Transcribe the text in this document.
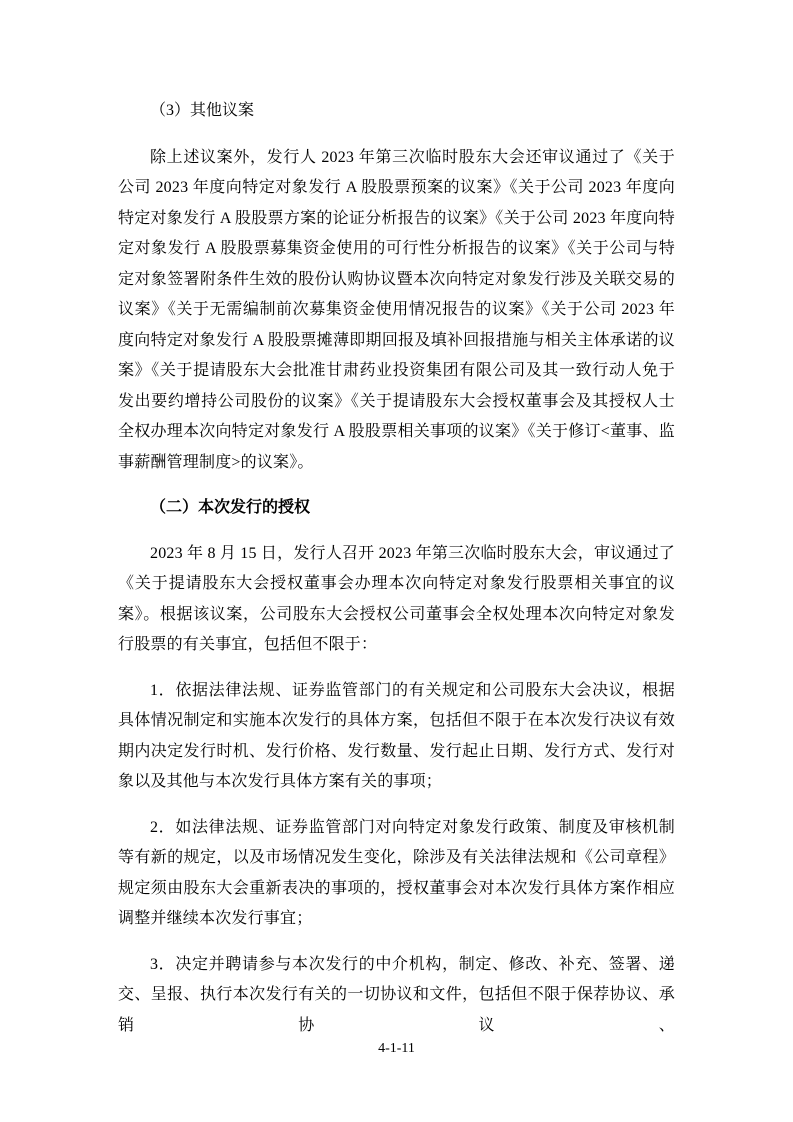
（3）其他议案

除上述议案外，发行人 2023 年第三次临时股东大会还审议通过了《关于公司 2023 年度向特定对象发行 A 股股票预案的议案》《关于公司 2023 年度向特定对象发行 A 股股票方案的论证分析报告的议案》《关于公司 2023 年度向特定对象发行 A 股股票募集资金使用的可行性分析报告的议案》《关于公司与特定对象签署附条件生效的股份认购协议暨本次向特定对象发行涉及关联交易的议案》《关于无需编制前次募集资金使用情况报告的议案》《关于公司 2023 年度向特定对象发行 A 股股票摊薄即期回报及填补回报措施与相关主体承诺的议案》《关于提请股东大会批准甘肃药业投资集团有限公司及其一致行动人免于发出要约增持公司股份的议案》《关于提请股东大会授权董事会及其授权人士全权办理本次向特定对象发行 A 股股票相关事项的议案》《关于修订<董事、监事薪酬管理制度>的议案》。

（二）本次发行的授权

2023 年 8 月 15 日，发行人召开 2023 年第三次临时股东大会，审议通过了《关于提请股东大会授权董事会办理本次向特定对象发行股票相关事宜的议案》。根据该议案，公司股东大会授权公司董事会全权处理本次向特定对象发行股票的有关事宜，包括但不限于：

1．依据法律法规、证券监管部门的有关规定和公司股东大会决议，根据具体情况制定和实施本次发行的具体方案，包括但不限于在本次发行决议有效期内决定发行时机、发行价格、发行数量、发行起止日期、发行方式、发行对象以及其他与本次发行具体方案有关的事项；

2．如法律法规、证券监管部门对向特定对象发行政策、制度及审核机制等有新的规定，以及市场情况发生变化，除涉及有关法律法规和《公司章程》规定须由股东大会重新表决的事项的，授权董事会对本次发行具体方案作相应调整并继续本次发行事宜；

3．决定并聘请参与本次发行的中介机构，制定、修改、补充、签署、递交、呈报、执行本次发行有关的一切协议和文件，包括但不限于保荐协议、承销协议、

4-1-11
